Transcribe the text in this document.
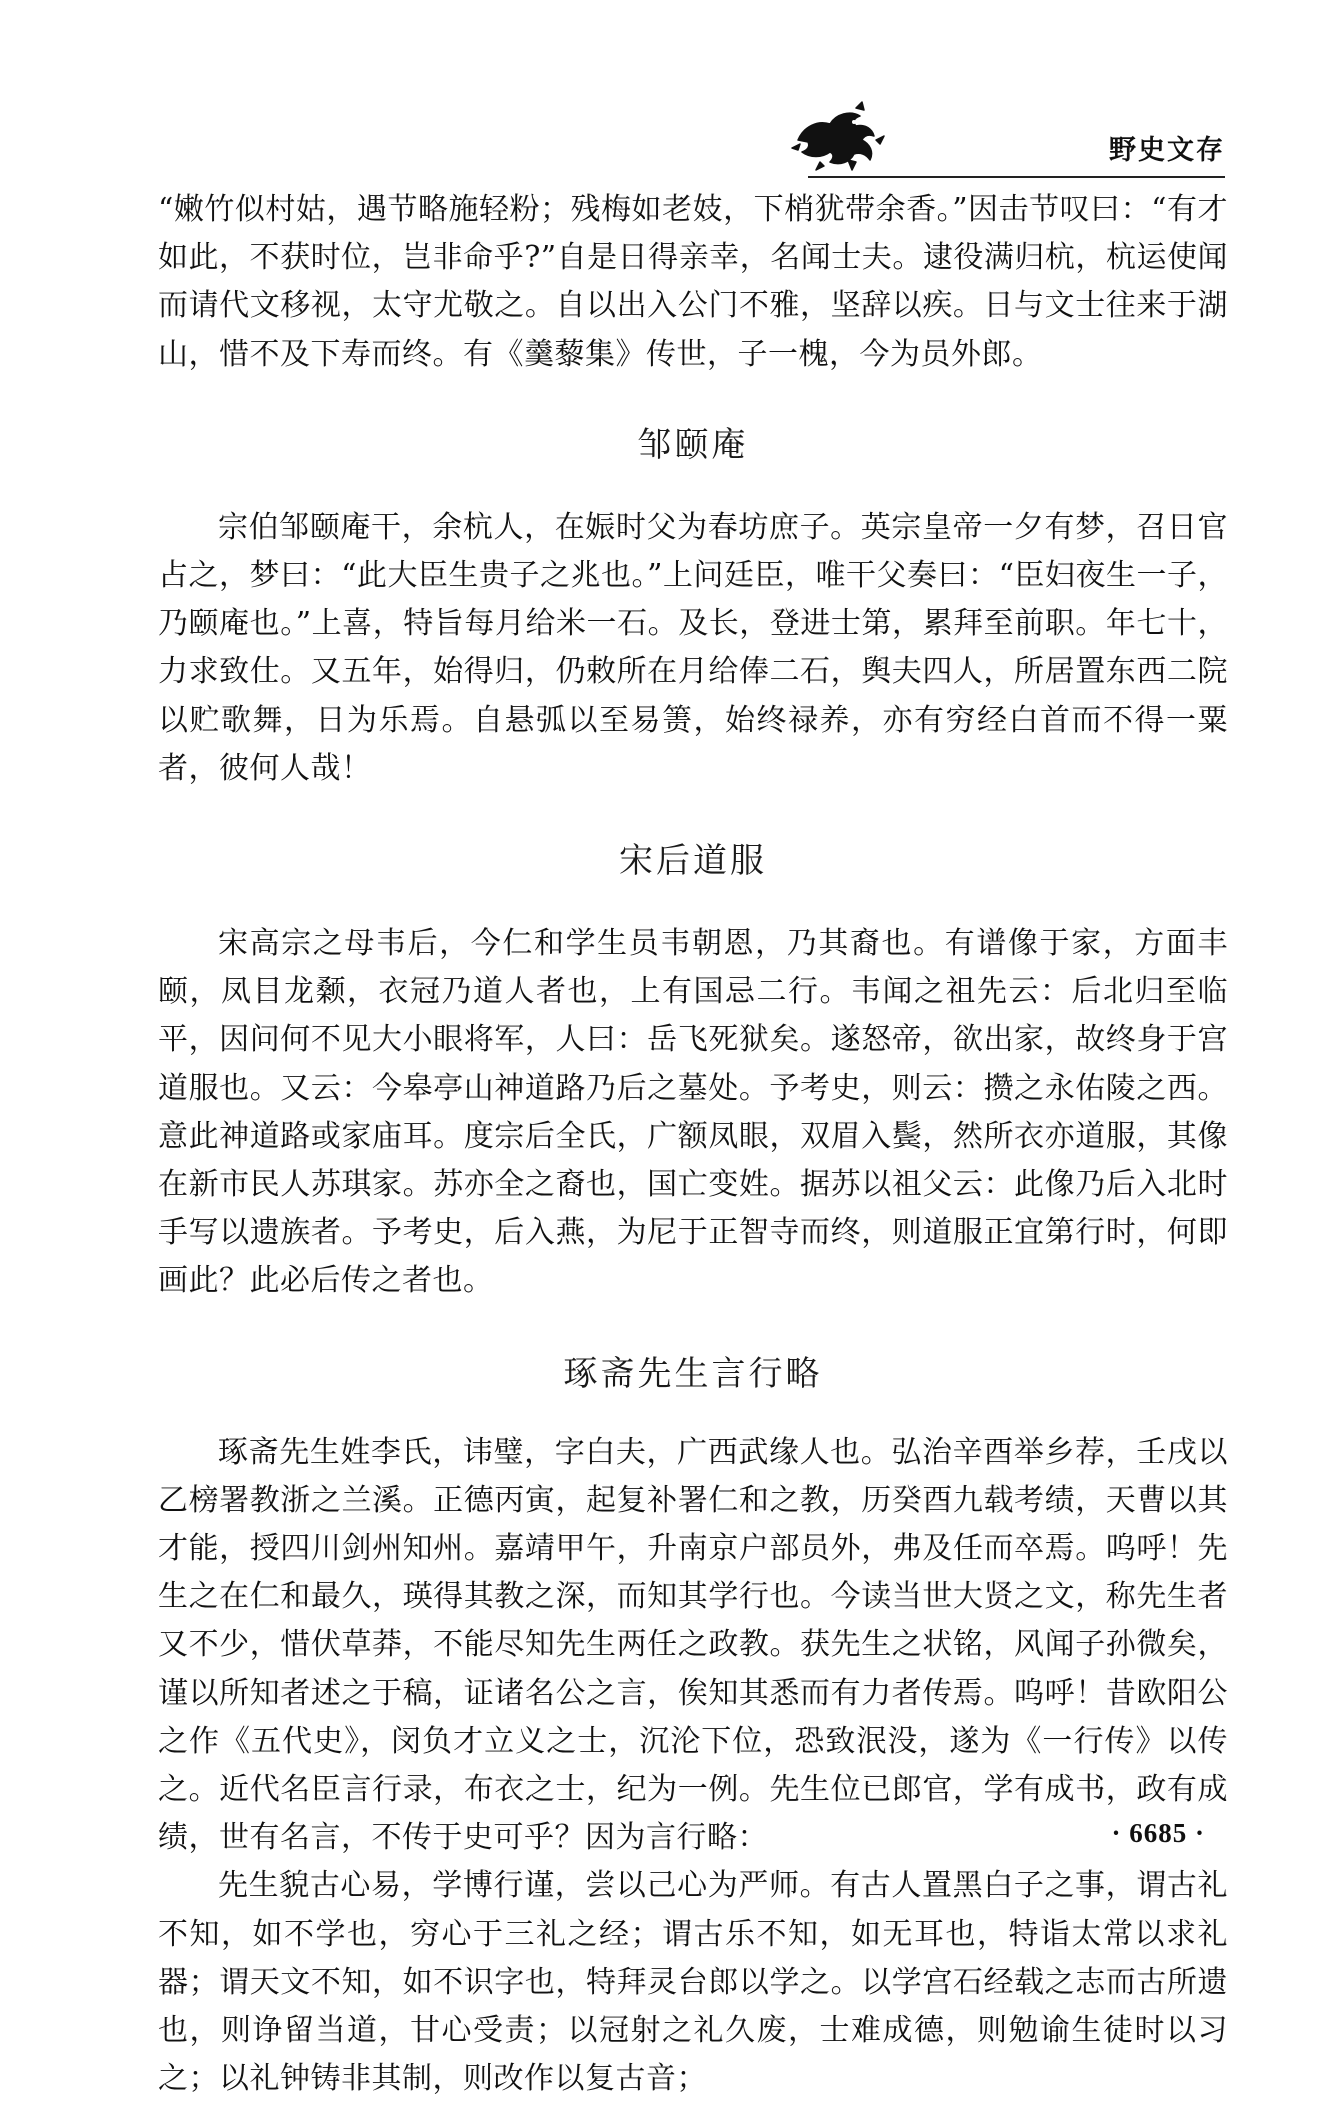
野史文存

“嫩竹似村姑，遇节略施轻粉；残梅如老妓，下梢犹带余香。”因击节叹曰：“有才如此，不获时位，岂非命乎?”自是日得亲幸，名闻士夫。逮役满归杭，杭运使闻而请代文移视，太守尤敬之。自以出入公门不雅，坚辞以疾。日与文士往来于湖山，惜不及下寿而终。有《羹藜集》传世，子一槐，今为员外郎。

邹颐庵

宗伯邹颐庵干，余杭人，在娠时父为春坊庶子。英宗皇帝一夕有梦，召日官占之，梦曰：“此大臣生贵子之兆也。”上问廷臣，唯干父奏曰：“臣妇夜生一子，乃颐庵也。”上喜，特旨每月给米一石。及长，登进士第，累拜至前职。年七十，力求致仕。又五年，始得归，仍敕所在月给俸二石，舆夫四人，所居置东西二院以贮歌舞，日为乐焉。自悬弧以至易箦，始终禄养，亦有穷经白首而不得一粟者，彼何人哉！

宋后道服

宋高宗之母韦后，今仁和学生员韦朝恩，乃其裔也。有谱像于家，方面丰颐，凤目龙颡，衣冠乃道人者也，上有国忌二行。韦闻之祖先云：后北归至临平，因问何不见大小眼将军，人曰：岳飞死狱矣。遂怒帝，欲出家，故终身于宫道服也。又云：今皋亭山神道路乃后之墓处。予考史，则云：攒之永佑陵之西。意此神道路或家庙耳。度宗后全氏，广额凤眼，双眉入鬓，然所衣亦道服，其像在新市民人苏琪家。苏亦全之裔也，国亡变姓。据苏以祖父云：此像乃后入北时手写以遗族者。予考史，后入燕，为尼于正智寺而终，则道服正宜第行时，何即画此？此必后传之者也。

琢斋先生言行略

琢斋先生姓李氏，讳璧，字白夫，广西武缘人也。弘治辛酉举乡荐，壬戌以乙榜署教浙之兰溪。正德丙寅，起复补署仁和之教，历癸酉九载考绩，天曹以其才能，授四川剑州知州。嘉靖甲午，升南京户部员外，弗及任而卒焉。呜呼！先生之在仁和最久，瑛得其教之深，而知其学行也。今读当世大贤之文，称先生者又不少，惜伏草莽，不能尽知先生两任之政教。获先生之状铭，风闻子孙微矣，谨以所知者述之于稿，证诸名公之言，俟知其悉而有力者传焉。呜呼！昔欧阳公之作《五代史》，闵负才立义之士，沉沦下位，恐致泯没，遂为《一行传》以传之。近代名臣言行录，布衣之士，纪为一例。先生位已郎官，学有成书，政有成绩，世有名言，不传于史可乎？因为言行略：

先生貌古心易，学博行谨，尝以己心为严师。有古人置黑白子之事，谓古礼不知，如不学也，穷心于三礼之经；谓古乐不知，如无耳也，特诣太常以求礼器；谓天文不知，如不识字也，特拜灵台郎以学之。以学宫石经载之志而古所遗也，则诤留当道，甘心受责；以冠射之礼久废，士难成德，则勉谕生徒时以习之；以礼钟铸非其制，则改作以复古音；

· 6685 ·
